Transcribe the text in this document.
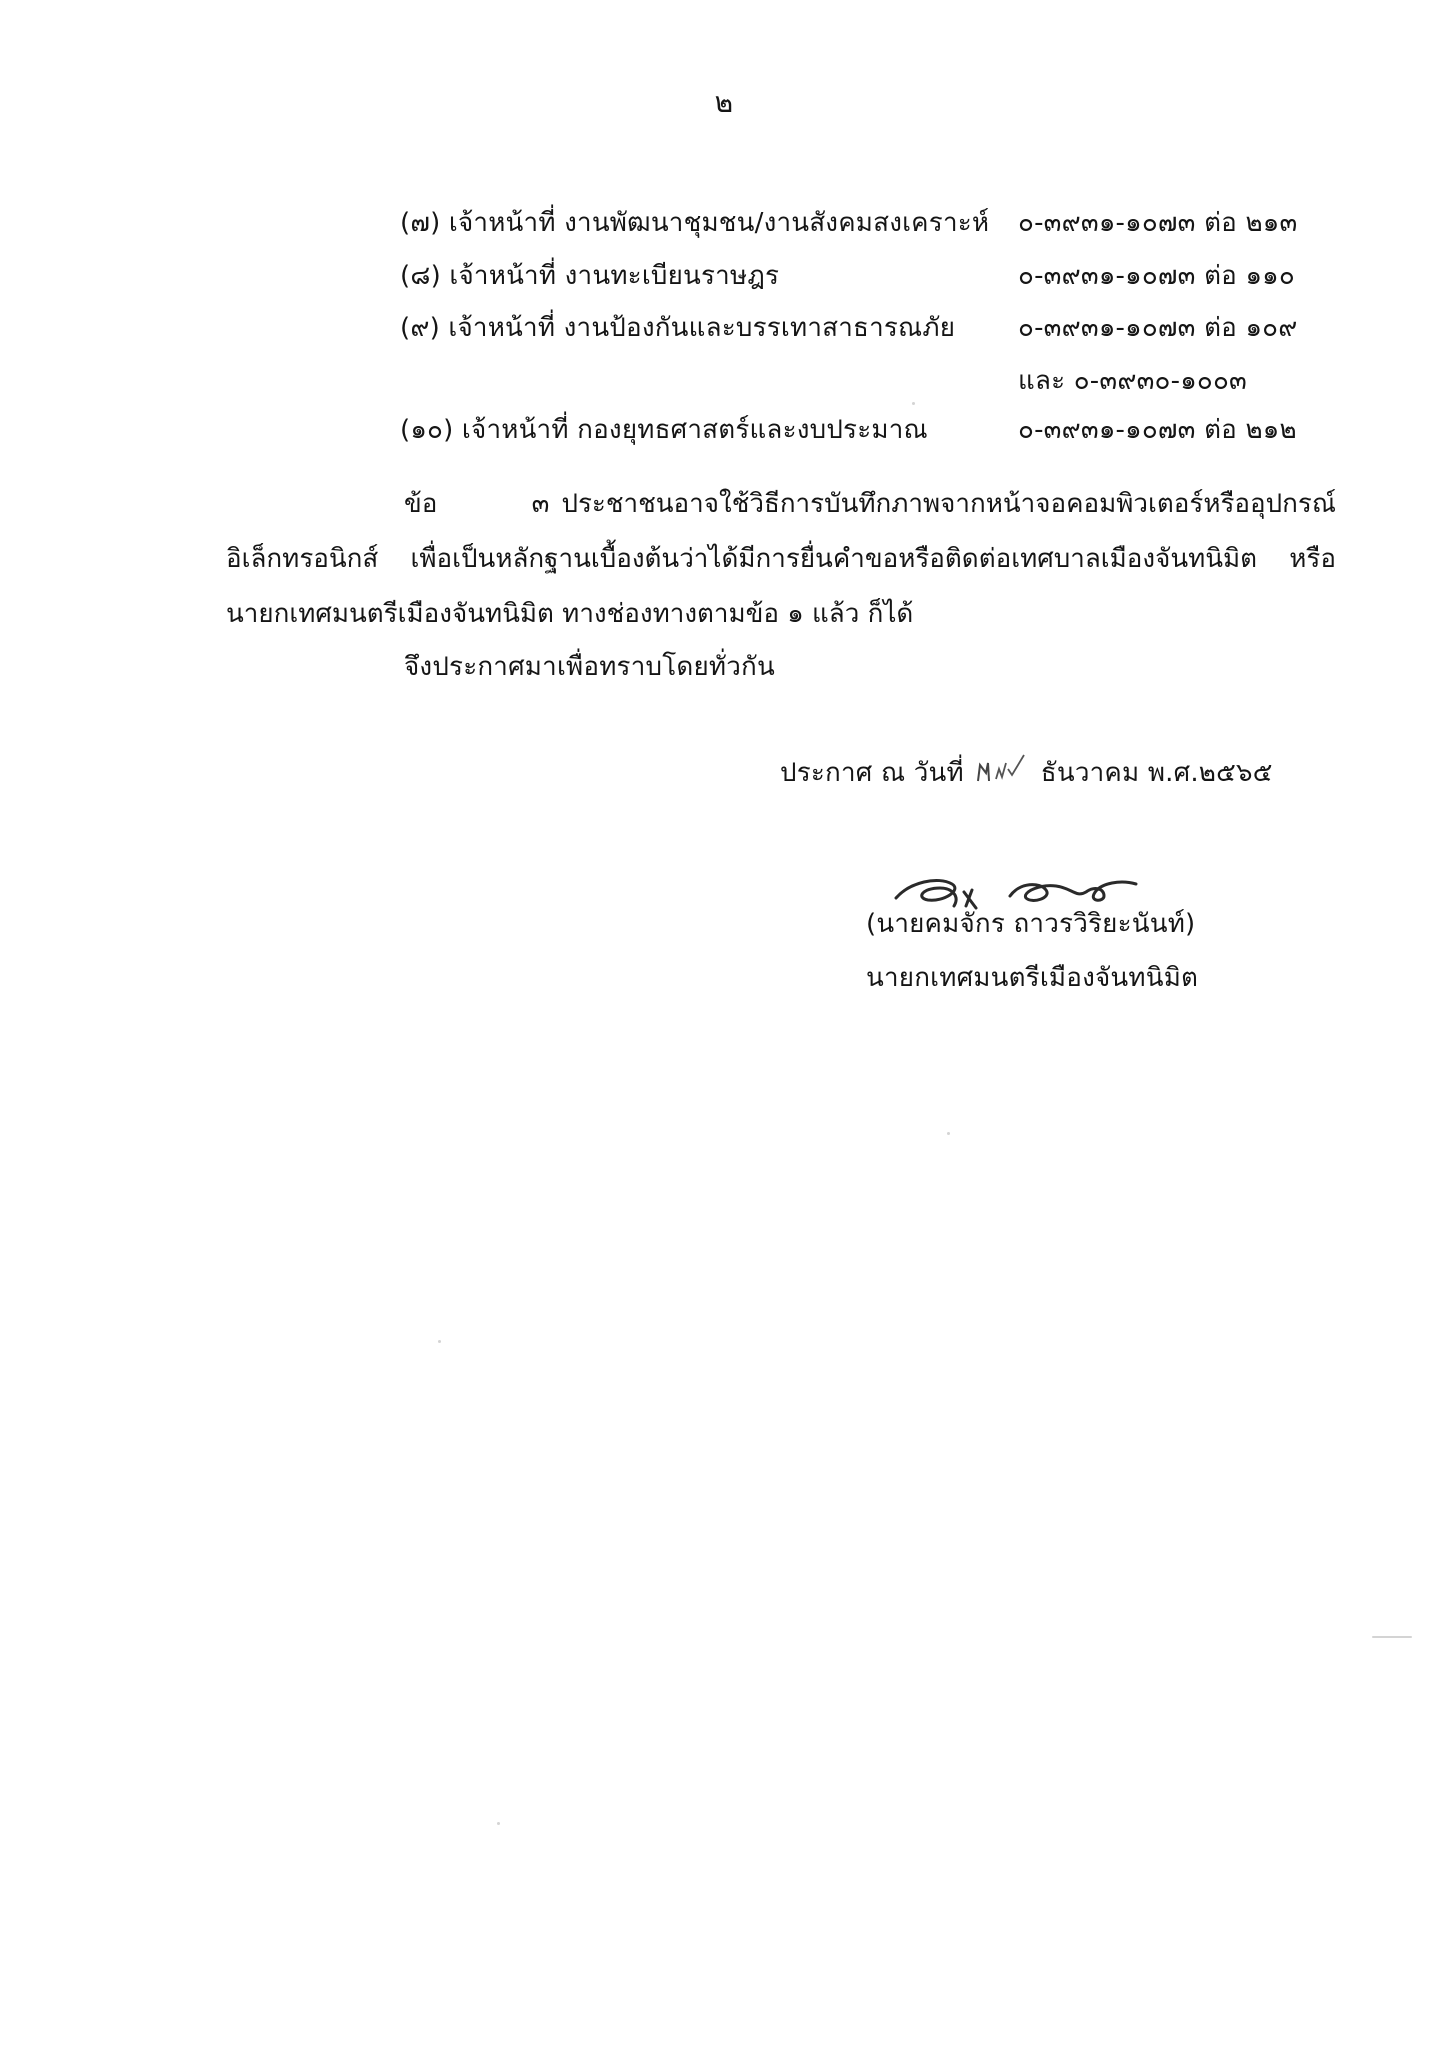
๒
(๗) เจ้าหน้าที่ งานพัฒนาชุมชน/งานสังคมสงเคราะห์ ๐-๓๙๓๑-๑๐๗๓ ต่อ ๒๑๓
(๘) เจ้าหน้าที่ งานทะเบียนราษฎร	๐-๓๙๓๑-๑๐๗๓ ต่อ ๑๑๐
(๙) เจ้าหน้าที่ งานป้องกันและบรรเทาสาธารณภัย ๐-๓๙๓๑-๑๐๗๓ ต่อ ๑๐๙
และ ๐-๓๙๓๐-๑๐๐๓
(๑๐) เจ้าหน้าที่ กองยุทธศาสตร์และงบประมาณ	๐-๓๙๓๑-๑๐๗๓ ต่อ ๒๑๒
ข้อ ๓ ประชาชนอาจใช้วิธีการบันทึกภาพจากหน้าจอคอมพิวเตอร์หรืออุปกรณ์อิเล็กทรอนิกส์ เพื่อเป็นหลักฐานเบื้องต้นว่าได้มีการยื่นคำขอหรือติดต่อเทศบาลเมืองจันทนิมิต หรือ นายกเทศมนตรีเมืองจันทนิมิต ทางช่องทางตามข้อ ๑ แล้ว ก็ได้
จึงประกาศมาเพื่อทราบโดยทั่วกัน
ประกาศ ณ วันที่	ธันวาคม พ.ศ.๒๕๖๕
(นายคมจักร ถาวรวิริยะนันท์)
นายกเทศมนตรีเมืองจันทนิมิต
